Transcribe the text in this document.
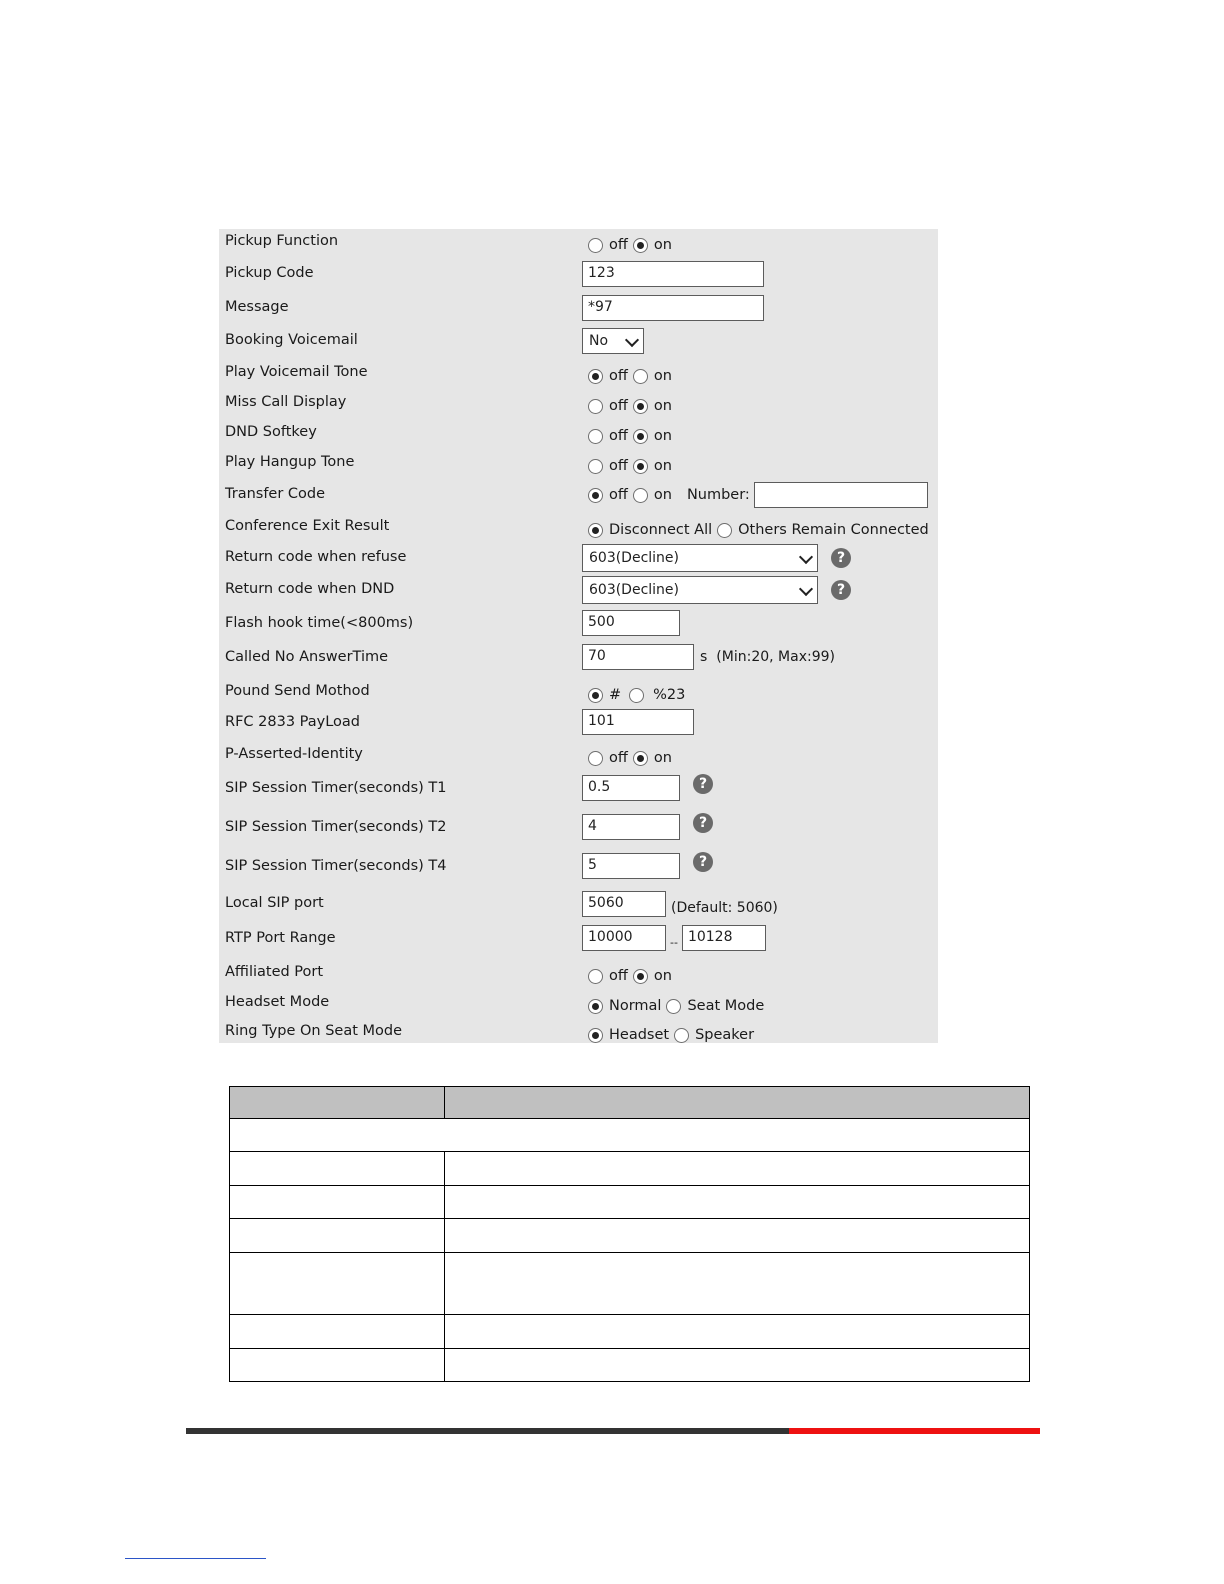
Pickup Function	off on
Pickup Code	123
Message	*97
Booking Voicemail	No
Play Voicemail Tone	off on
Miss Call Display	off on
DND Softkey	off on
Play Hangup Tone	off on
Transfer Code	off on Number:
Conference Exit Result	Disconnect All Others Remain Connected
Return code when refuse	603(Decline)	?
Return code when DND	603(Decline)	?
Flash hook time(<800ms)	500
Called No AnswerTime	70	s (Min:20, Max:99)
Pound Send Mothod	# %23
RFC 2833 PayLoad	101
P-Asserted-Identity	off on
SIP Session Timer(seconds) T1	0.5	?
SIP Session Timer(seconds) T2	4	?
SIP Session Timer(seconds) T4	5	?
Local SIP port	5060	(Default: 5060)
RTP Port Range	10000	-- 10128
Affiliated Port	off on
Headset Mode	Normal Seat Mode
Ring Type On Seat Mode	Headset Speaker
